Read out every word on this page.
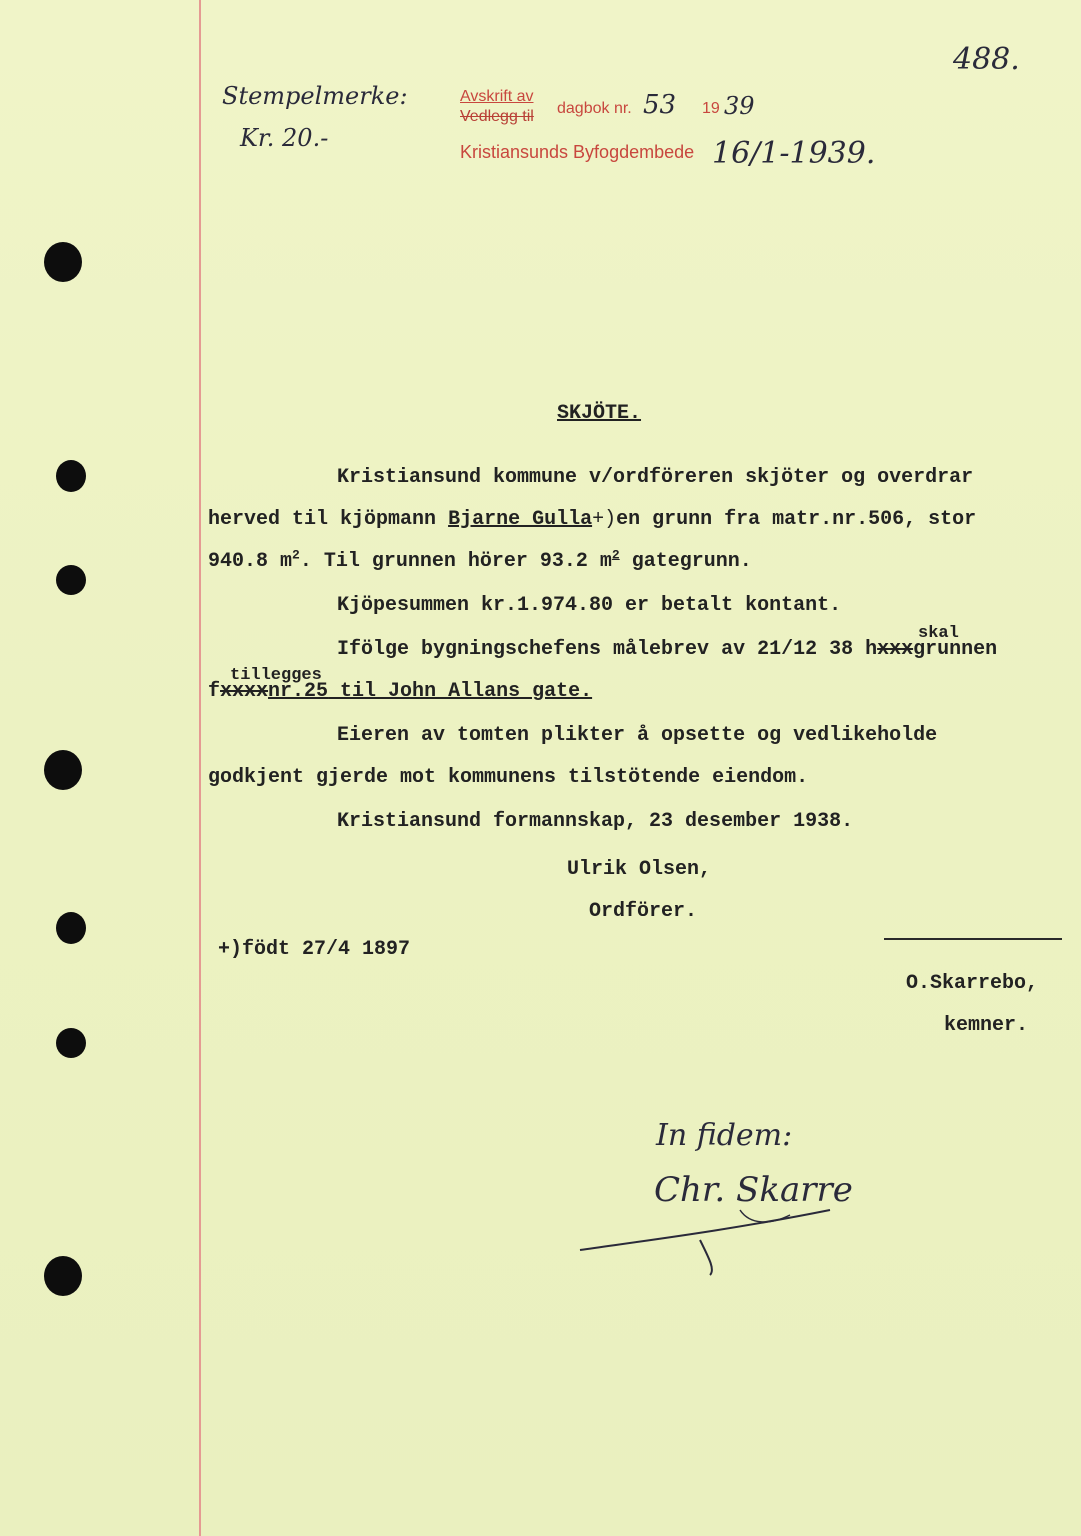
488.
Stempelmerke:
Kr. 20.-
Avskrift av
Vedlegg til dagbok nr. 53 19 39
Kristiansunds Byfogdembede 16/1-1939.
SKJÖTE.
Kristiansund kommune v/ordföreren skjöter og overdrar
herved til kjöpmann Bjarne Gulla+)en grunn fra matr.nr.506, stor
940.8 $m^2$. Til grunnen hörer 93.2 $m^2$ gategrunn.
Kjöpesummen kr.1.974.80 er betalt kontant.
skal
Ifölge bygningschefens målebrev av 21/12 38 hxxxgrunnen
tillegges
fxxxxnr.25 til John Allans gate.
Eieren av tomten plikter å opsette og vedlikeholde
godkjent gjerde mot kommunens tilstötende eiendom.
Kristiansund formannskap, 23 desember 1938.
Ulrik Olsen,
Ordförer.
+)födt 27/4 1897
O.Skarrebo,
kemner.
In fidem:
Chr. Skarre
